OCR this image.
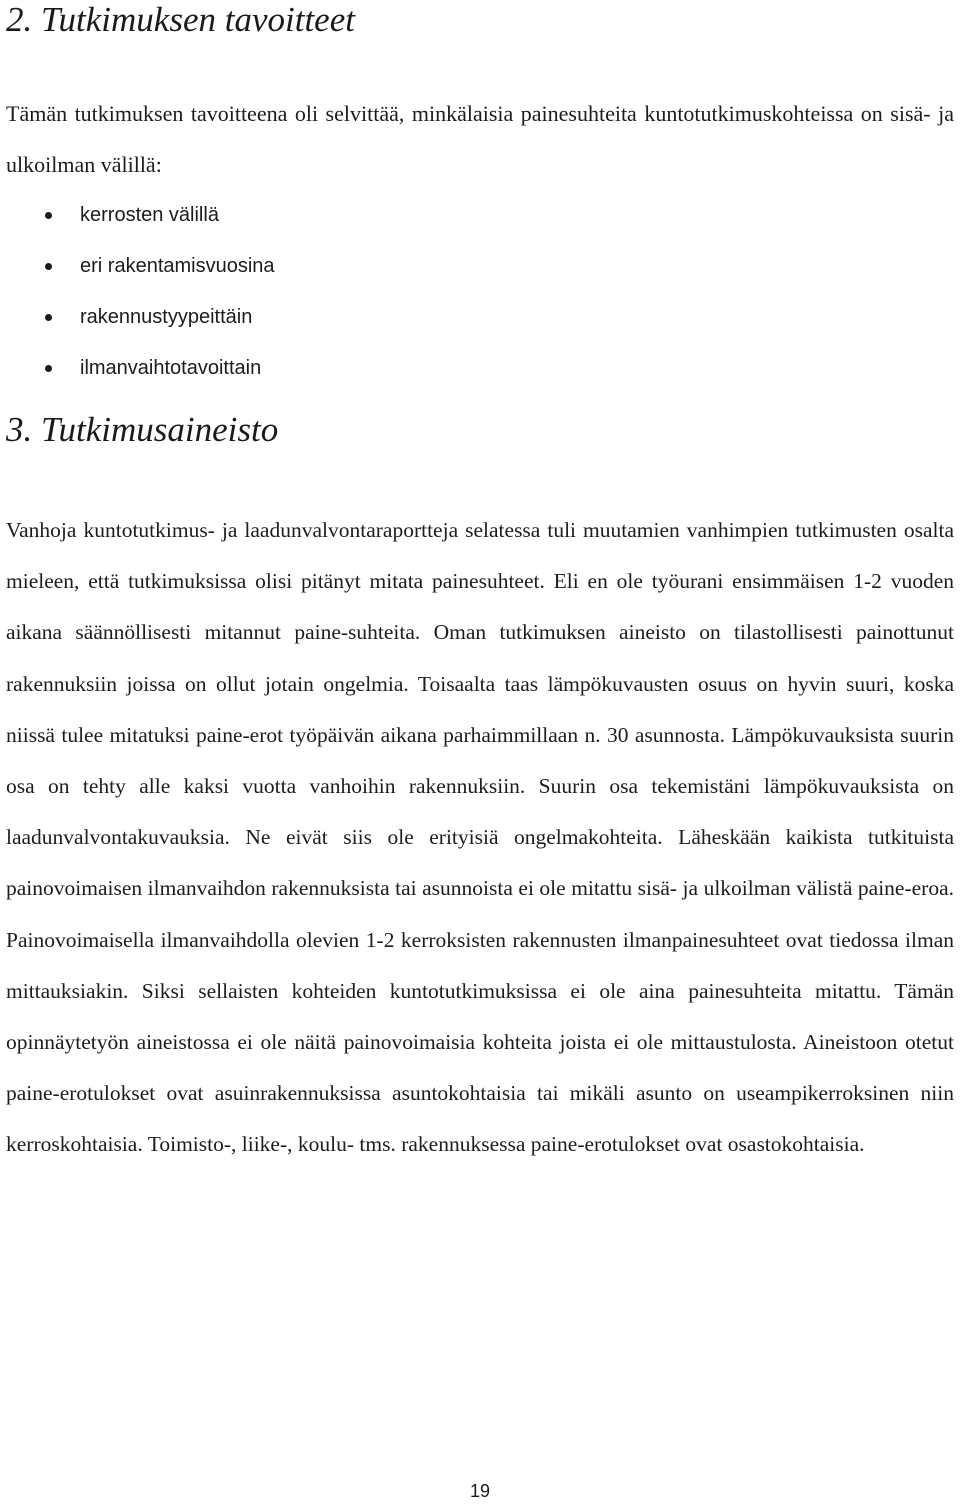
2. Tutkimuksen tavoitteet

Tämän tutkimuksen tavoitteena oli selvittää, minkälaisia painesuhteita kuntotutkimuskohteissa on sisä- ja ulkoilman välillä:

kerrosten välillä
eri rakentamisvuosina
rakennustyypeittäin
ilmanvaihtotavoittain
3. Tutkimusaineisto

Vanhoja kuntotutkimus- ja laadunvalvontaraportteja selatessa tuli muutamien vanhimpien tutkimusten osalta mieleen, että tutkimuksissa olisi pitänyt mitata painesuhteet. Eli en ole työurani ensimmäisen 1-2 vuoden aikana säännöllisesti mitannut paine-suhteita. Oman tutkimuksen aineisto on tilastollisesti painottunut rakennuksiin joissa on ollut jotain ongelmia. Toisaalta taas lämpökuvausten osuus on hyvin suuri, koska niissä tulee mitatuksi paine-erot työpäivän aikana parhaimmillaan n. 30 asunnosta. Lämpökuvauksista suurin osa on tehty alle kaksi vuotta vanhoihin rakennuksiin. Suurin osa tekemistäni lämpökuvauksista on laadunvalvontakuvauksia. Ne eivät siis ole erityisiä ongelmakohteita. Läheskään kaikista tutkituista painovoimaisen ilmanvaihdon rakennuksista tai asunnoista ei ole mitattu sisä- ja ulkoilman välistä paine-eroa. Painovoimaisella ilmanvaihdolla olevien 1-2 kerroksisten rakennusten ilmanpainesuhteet ovat tiedossa ilman mittauksiakin. Siksi sellaisten kohteiden kuntotutkimuksissa ei ole aina painesuhteita mitattu. Tämän opinnäytetyön aineistossa ei ole näitä painovoimaisia kohteita joista ei ole mittaustulosta. Aineistoon otetut paine-erotulokset ovat asuinrakennuksissa asuntokohtaisia tai mikäli asunto on useampikerroksinen niin kerroskohtaisia. Toimisto-, liike-, koulu- tms. rakennuksessa paine-erotulokset ovat osastokohtaisia.

19
